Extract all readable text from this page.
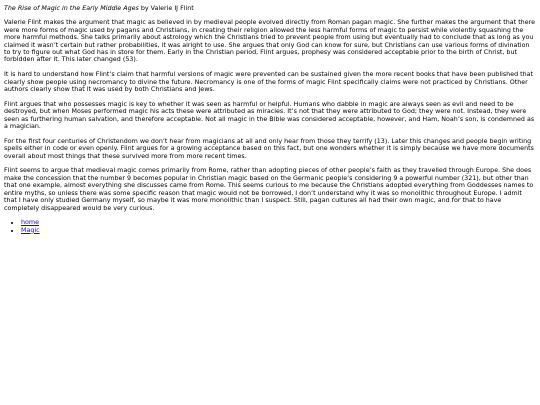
The Rise of Magic in the Early Middle Ages by Valerie IJ Flint

Valerie Flint makes the argument that magic as believed in by medieval people evolved directly from Roman pagan magic. She further makes the argument that there were more forms of magic used by pagans and Christians, in creating their religion allowed the less harmful forms of magic to persist while violently squashing the more harmful methods. She talks primarily about astrology which the Christians tried to prevent people from using but eventually had to conclude that as long as you claimed it wasn’t certain but rather probabilities, it was alright to use. She argues that only God can know for sure, but Christians can use various forms of divination to try to figure out what God has in store for them. Early in the Christian period, Flint argues, prophesy was considered acceptable prior to the birth of Christ, but forbidden after it. This later changed (53).

It is hard to understand how Flint’s claim that harmful versions of magic were prevented can be sustained given the more recent books that have been published that clearly show people using necromancy to divine the future. Necromancy is one of the forms of magic Flint specifically claims were not practiced by Christians. Other authors clearly show that it was used by both Christians and Jews.

Flint argues that who possesses magic is key to whether it was seen as harmful or helpful. Humans who dabble in magic are always seen as evil and need to be destroyed, but when Moses performed magic his acts these were attributed as miracles. It’s not that they were attributed to God; they were not. Instead, they were seen as furthering human salvation, and therefore acceptable. Not all magic in the Bible was considered acceptable, however, and Ham, Noah’s son, is condemned as a magician.

For the first four centuries of Christendom we don’t hear from magicians at all and only hear from those they terrify (13). Later this changes and people begin writing spells either in code or even openly. Flint argues for a growing acceptance based on this fact, but one wonders whether it is simply because we have more documents overall about most things that these survived more from more recent times.

Flint seems to argue that medieval magic comes primarily from Rome, rather than adopting pieces of other people’s faith as they travelled through Europe. She does make the concession that the number 9 becomes popular in Christian magic based on the Germanic people’s considering 9 a powerful number (321), but other than that one example, almost everything she discusses came from Rome. This seems curious to me because the Christians adopted everything from Goddesses names to entire myths, so unless there was some specific reason that magic would not be borrowed, I don’t understand why it was so monolithic throughout Europe. I admit that I have only studied Germany myself, so maybe it was more monolithic than I suspect. Still, pagan cultures all had their own magic, and for that to have completely disappeared would be very curious.

• home
• Magic
